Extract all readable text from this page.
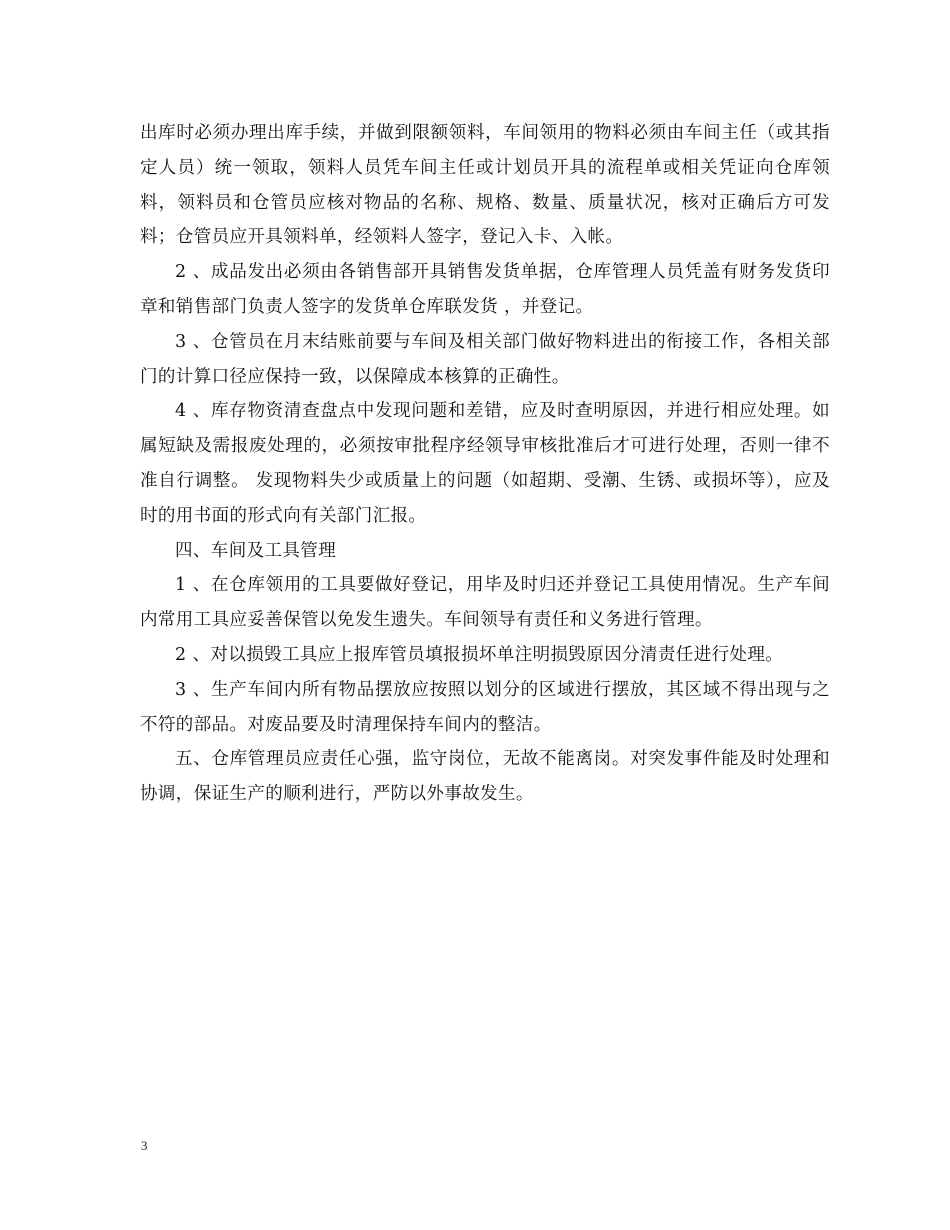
出库时必须办理出库手续，并做到限额领料，车间领用的物料必须由车间主任（或其指定人员）统一领取，领料人员凭车间主任或计划员开具的流程单或相关凭证向仓库领料，领料员和仓管员应核对物品的名称、规格、数量、质量状况，核对正确后方可发料；仓管员应开具领料单，经领料人签字，登记入卡、入帐。

2 、成品发出必须由各销售部开具销售发货单据，仓库管理人员凭盖有财务发货印章和销售部门负责人签字的发货单仓库联发货 ，并登记。

3 、仓管员在月末结账前要与车间及相关部门做好物料进出的衔接工作，各相关部门的计算口径应保持一致，以保障成本核算的正确性。

4 、库存物资清查盘点中发现问题和差错，应及时查明原因，并进行相应处理。如属短缺及需报废处理的，必须按审批程序经领导审核批准后才可进行处理，否则一律不准自行调整。 发现物料失少或质量上的问题（如超期、受潮、生锈、或损坏等），应及时的用书面的形式向有关部门汇报。

四、车间及工具管理

1 、在仓库领用的工具要做好登记，用毕及时归还并登记工具使用情况。生产车间内常用工具应妥善保管以免发生遗失。车间领导有责任和义务进行管理。

2 、对以损毁工具应上报库管员填报损坏单注明损毁原因分清责任进行处理。

3 、生产车间内所有物品摆放应按照以划分的区域进行摆放，其区域不得出现与之不符的部品。对废品要及时清理保持车间内的整洁。

五、仓库管理员应责任心强，监守岗位，无故不能离岗。对突发事件能及时处理和协调，保证生产的顺利进行，严防以外事故发生。

3
